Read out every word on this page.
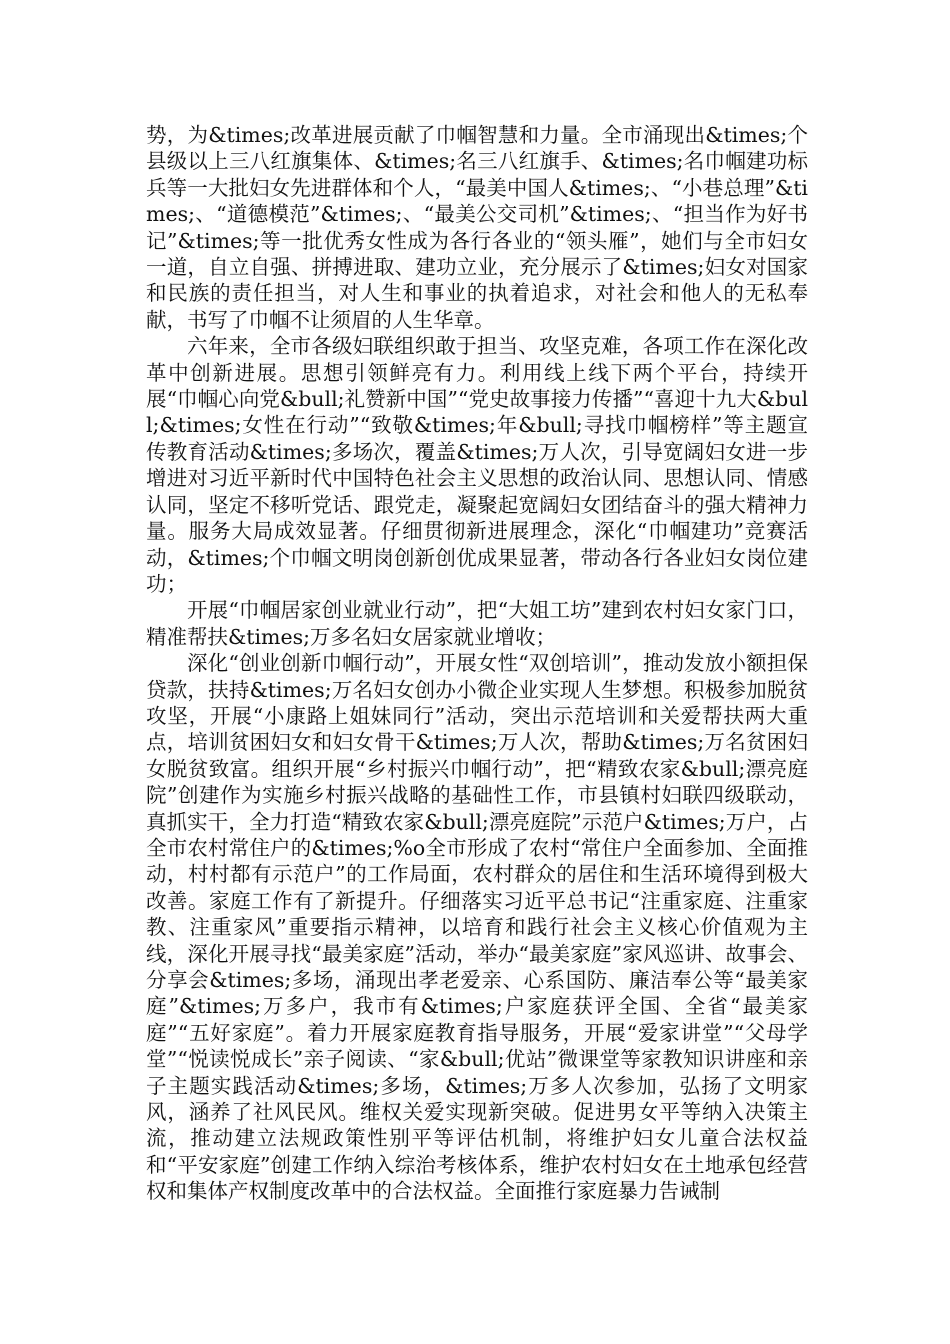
势，为&times;改革进展贡献了巾帼智慧和力量。全市涌现出&times;个县级以上三八红旗集体、&times;名三八红旗手、&times;名巾帼建功标兵等一大批妇女先进群体和个人，“最美中国人&times;、“小巷总理”&times;、“道德模范”&times;、“最美公交司机”&times;、“担当作为好书记”&times;等一批优秀女性成为各行各业的“领头雁”，她们与全市妇女一道，自立自强、拼搏进取、建功立业，充分展示了&times;妇女对国家和民族的责任担当，对人生和事业的执着追求，对社会和他人的无私奉献，书写了巾帼不让须眉的人生华章。

六年来，全市各级妇联组织敢于担当、攻坚克难，各项工作在深化改革中创新进展。思想引领鲜亮有力。利用线上线下两个平台，持续开展“巾帼心向党&bull;礼赞新中国”“党史故事接力传播”“喜迎十九大&bull;&times;女性在行动”“致敬&times;年&bull;寻找巾帼榜样”等主题宣传教育活动&times;多场次，覆盖&times;万人次，引导宽阔妇女进一步增进对习近平新时代中国特色社会主义思想的政治认同、思想认同、情感认同，坚定不移听党话、跟党走，凝聚起宽阔妇女团结奋斗的强大精神力量。服务大局成效显著。仔细贯彻新进展理念，深化“巾帼建功”竞赛活动，&times;个巾帼文明岗创新创优成果显著，带动各行各业妇女岗位建功；

开展“巾帼居家创业就业行动”，把“大姐工坊”建到农村妇女家门口，精准帮扶&times;万多名妇女居家就业增收；

深化“创业创新巾帼行动”，开展女性“双创培训”，推动发放小额担保贷款，扶持&times;万名妇女创办小微企业实现人生梦想。积极参加脱贫攻坚，开展“小康路上姐妹同行”活动，突出示范培训和关爱帮扶两大重点，培训贫困妇女和妇女骨干&times;万人次，帮助&times;万名贫困妇女脱贫致富。组织开展“乡村振兴巾帼行动”，把“精致农家&bull;漂亮庭院”创建作为实施乡村振兴战略的基础性工作，市县镇村妇联四级联动，真抓实干，全力打造“精致农家&bull;漂亮庭院”示范户&times;万户，占全市农村常住户的&times;%o全市形成了农村“常住户全面参加、全面推动，村村都有示范户”的工作局面，农村群众的居住和生活环境得到极大改善。家庭工作有了新提升。仔细落实习近平总书记“注重家庭、注重家教、注重家风”重要指示精神，以培育和践行社会主义核心价值观为主线，深化开展寻找“最美家庭”活动，举办“最美家庭”家风巡讲、故事会、分享会&times;多场，涌现出孝老爱亲、心系国防、廉洁奉公等“最美家庭”&times;万多户，我市有&times;户家庭获评全国、全省“最美家庭”“五好家庭”。着力开展家庭教育指导服务，开展“爱家讲堂”“父母学堂”“悦读悦成长”亲子阅读、“家&bull;优站”微课堂等家教知识讲座和亲子主题实践活动&times;多场，&times;万多人次参加，弘扬了文明家风，涵养了社风民风。维权关爱实现新突破。促进男女平等纳入决策主流，推动建立法规政策性别平等评估机制，将维护妇女儿童合法权益和“平安家庭”创建工作纳入综治考核体系，维护农村妇女在土地承包经营权和集体产权制度改革中的合法权益。全面推行家庭暴力告诫制
